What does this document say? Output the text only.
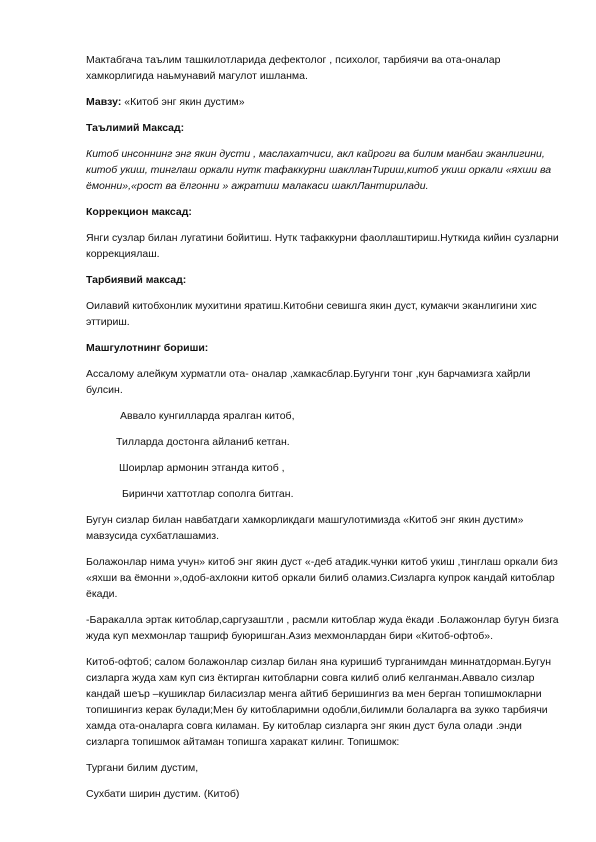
Мактабгача таълим ташкилотларида дефектолог , психолог, тарбиячи ва ота-оналар хамкорлигида наьмунавий магулот ишланма.

Мавзу: «Китоб энг якин дустим»

Таълимий Максад:

Китоб инсоннинг энг якин дусти , маслахатчиси, акл кайроги ва билим манбаи эканлигини, китоб укиш, тинглаш оркали нутк тафаккурни шаклланТириш,китоб укиш оркали «яхши ва ёмонни»,«рост ва ёлгонни » ажратиш малакаси шаклЛантирилади.

Коррекцион максад:

Янги сузлар билан лугатини бойитиш. Нутк тафаккурни фаоллаштириш.Нуткида кийин сузларни коррекциялаш.

Тарбиявий максад:

Оилавий китобхонлик мухитини яратиш.Китобни севишга якин дуст, кумакчи эканлигини хис эттириш.

Машгулотнинг бориши:

Ассалому алейкум хурматли ота- оналар ,хамкасблар.Бугунги тонг ,кун барчамизга хайрли булсин.

Аввало кунгилларда яралган китоб,

Тилларда достонга айланиб кетган.

Шоирлар армонин этганда китоб ,

Биринчи хаттотлар сополга битган.

Бугун сизлар билан навбатдаги хамкорликдаги машгулотимизда «Китоб энг якин дустим» мавзусида сухбатлашамиз.

Болажонлар нима учун» китоб энг якин дуст «-деб атадик.чунки китоб укиш ,тинглаш оркали биз «яхши ва ёмонни »,одоб-ахлокни китоб оркали билиб оламиз.Сизларга купрок кандай китоблар ёкади.

-Баракалла эртак китоблар,саргузаштли , расмли китоблар жуда ёкади .Болажонлар бугун бизга жуда куп мехмонлар ташриф буюришган.Азиз мехмонлардан бири «Китоб-офтоб».

Китоб-офтоб; салом болажонлар сизлар билан яна куришиб турганимдан миннатдорман.Бугун сизларга жуда хам куп сиз ёктирган китобларни совга килиб олиб келганман.Аввало сизлар кандай шеър –кушиклар биласизлар менга айтиб беришингиз ва мен берган топишмокларни топишингиз керак булади;Мен бу китобларимни одобли,билимли болаларга ва зукко тарбиячи хамда ота-оналарга совга киламан. Бу китоблар сизларга энг якин дуст була олади .энди сизларга топишмок айтаман топишга харакат килинг. Топишмок:

Тургани билим дустим,

Сухбати ширин дустим. (Китоб)
